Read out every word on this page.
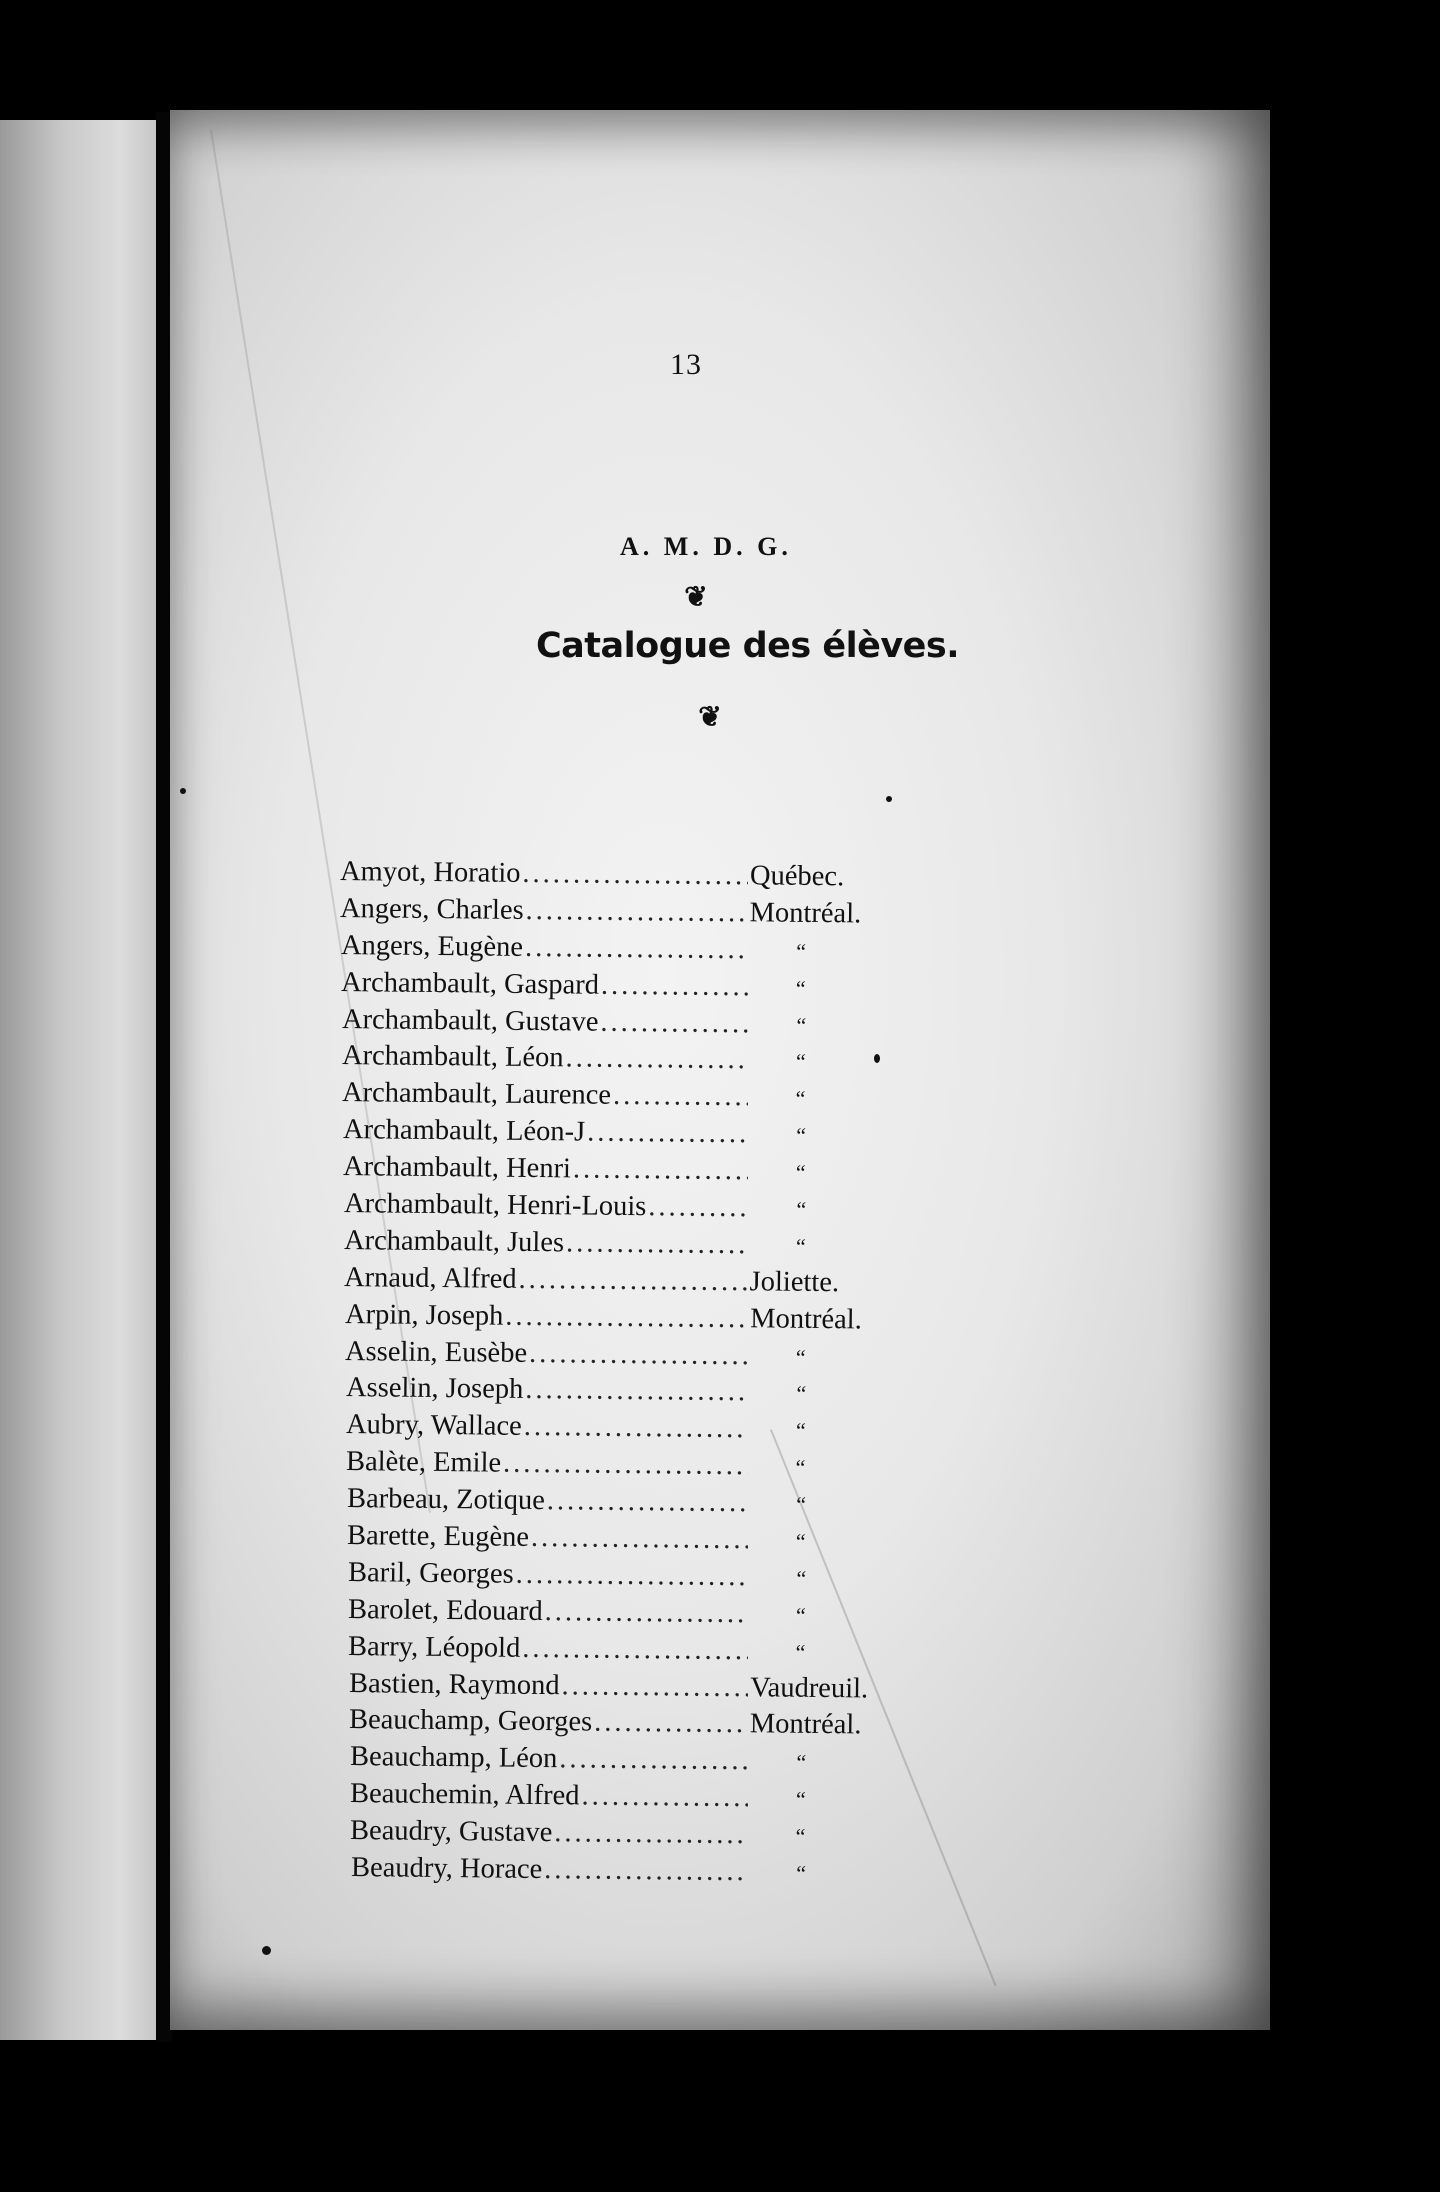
13
A. M. D. G.
❦
Catalogue des élèves.
❦
Amyot, Horatio .....	Québec.
Angers, Charles .....	Montréal.
Angers, Eugène .....	“
Archambault, Gaspard .....	“
Archambault, Gustave .....	“
Archambault, Léon .....	“
Archambault, Laurence .....	“
Archambault, Léon-J .....	“
Archambault, Henri .....	“
Archambault, Henri-Louis .....	“
Archambault, Jules .....	“
Arnaud, Alfred .....	Joliette.
Arpin, Joseph .....	Montréal.
Asselin, Eusèbe .....	“
Asselin, Joseph .....	“
Aubry, Wallace .....	“
Balète, Emile .....	“
Barbeau, Zotique .....	“
Barette, Eugène .....	“
Baril, Georges .....	“
Barolet, Edouard .....	“
Barry, Léopold .....	“
Bastien, Raymond .....	Vaudreuil.
Beauchamp, Georges .....	Montréal.
Beauchamp, Léon .....	“
Beauchemin, Alfred .....	“
Beaudry, Gustave .....	“
Beaudry, Horace .....	“
